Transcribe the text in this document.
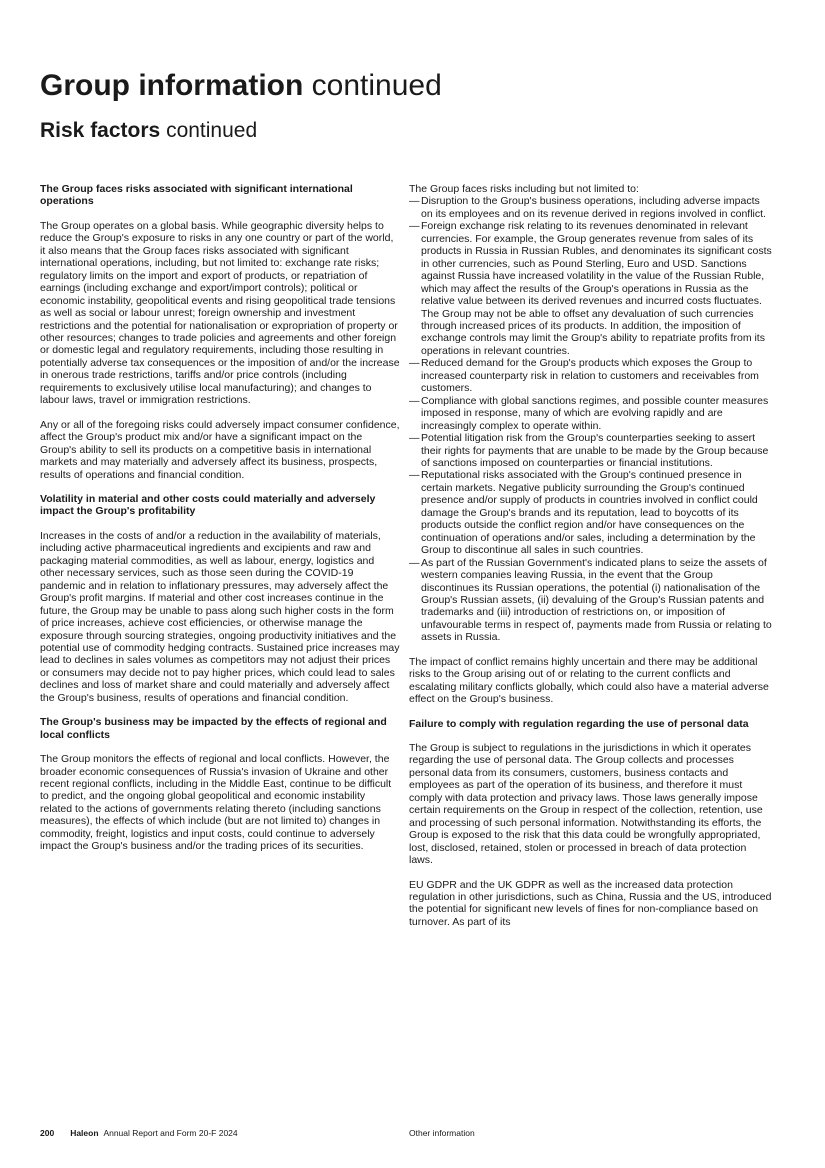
Group information continued
Risk factors continued
The Group faces risks associated with significant international operations

The Group operates on a global basis. While geographic diversity helps to reduce the Group's exposure to risks in any one country or part of the world, it also means that the Group faces risks associated with significant international operations, including, but not limited to: exchange rate risks; regulatory limits on the import and export of products, or repatriation of earnings (including exchange and export/import controls); political or economic instability, geopolitical events and rising geopolitical trade tensions as well as social or labour unrest; foreign ownership and investment restrictions and the potential for nationalisation or expropriation of property or other resources; changes to trade policies and agreements and other foreign or domestic legal and regulatory requirements, including those resulting in potentially adverse tax consequences or the imposition of and/or the increase in onerous trade restrictions, tariffs and/or price controls (including requirements to exclusively utilise local manufacturing); and changes to labour laws, travel or immigration restrictions.

Any or all of the foregoing risks could adversely impact consumer confidence, affect the Group's product mix and/or have a significant impact on the Group's ability to sell its products on a competitive basis in international markets and may materially and adversely affect its business, prospects, results of operations and financial condition.

Volatility in material and other costs could materially and adversely impact the Group's profitability

Increases in the costs of and/or a reduction in the availability of materials, including active pharmaceutical ingredients and excipients and raw and packaging material commodities, as well as labour, energy, logistics and other necessary services, such as those seen during the COVID-19 pandemic and in relation to inflationary pressures, may adversely affect the Group's profit margins. If material and other cost increases continue in the future, the Group may be unable to pass along such higher costs in the form of price increases, achieve cost efficiencies, or otherwise manage the exposure through sourcing strategies, ongoing productivity initiatives and the potential use of commodity hedging contracts. Sustained price increases may lead to declines in sales volumes as competitors may not adjust their prices or consumers may decide not to pay higher prices, which could lead to sales declines and loss of market share and could materially and adversely affect the Group's business, results of operations and financial condition.

The Group's business may be impacted by the effects of regional and local conflicts

The Group monitors the effects of regional and local conflicts. However, the broader economic consequences of Russia's invasion of Ukraine and other recent regional conflicts, including in the Middle East, continue to be difficult to predict, and the ongoing global geopolitical and economic instability related to the actions of governments relating thereto (including sanctions measures), the effects of which include (but are not limited to) changes in commodity, freight, logistics and input costs, could continue to adversely impact the Group's business and/or the trading prices of its securities.

The Group faces risks including but not limited to:

— Disruption to the Group's business operations, including adverse impacts on its employees and on its revenue derived in regions involved in conflict.
— Foreign exchange risk relating to its revenues denominated in relevant currencies. For example, the Group generates revenue from sales of its products in Russia in Russian Rubles, and denominates its significant costs in other currencies, such as Pound Sterling, Euro and USD. Sanctions against Russia have increased volatility in the value of the Russian Ruble, which may affect the results of the Group's operations in Russia as the relative value between its derived revenues and incurred costs fluctuates. The Group may not be able to offset any devaluation of such currencies through increased prices of its products. In addition, the imposition of exchange controls may limit the Group's ability to repatriate profits from its operations in relevant countries.
— Reduced demand for the Group's products which exposes the Group to increased counterparty risk in relation to customers and receivables from customers.
— Compliance with global sanctions regimes, and possible counter measures imposed in response, many of which are evolving rapidly and are increasingly complex to operate within.
— Potential litigation risk from the Group's counterparties seeking to assert their rights for payments that are unable to be made by the Group because of sanctions imposed on counterparties or financial institutions.
— Reputational risks associated with the Group's continued presence in certain markets. Negative publicity surrounding the Group's continued presence and/or supply of products in countries involved in conflict could damage the Group's brands and its reputation, lead to boycotts of its products outside the conflict region and/or have consequences on the continuation of operations and/or sales, including a determination by the Group to discontinue all sales in such countries.
— As part of the Russian Government's indicated plans to seize the assets of western companies leaving Russia, in the event that the Group discontinues its Russian operations, the potential (i) nationalisation of the Group's Russian assets, (ii) devaluing of the Group's Russian patents and trademarks and (iii) introduction of restrictions on, or imposition of unfavourable terms in respect of, payments made from Russia or relating to assets in Russia.

The impact of conflict remains highly uncertain and there may be additional risks to the Group arising out of or relating to the current conflicts and escalating military conflicts globally, which could also have a material adverse effect on the Group's business.

Failure to comply with regulation regarding the use of personal data

The Group is subject to regulations in the jurisdictions in which it operates regarding the use of personal data. The Group collects and processes personal data from its consumers, customers, business contacts and employees as part of the operation of its business, and therefore it must comply with data protection and privacy laws. Those laws generally impose certain requirements on the Group in respect of the collection, retention, use and processing of such personal information. Notwithstanding its efforts, the Group is exposed to the risk that this data could be wrongfully appropriated, lost, disclosed, retained, stolen or processed in breach of data protection laws.

EU GDPR and the UK GDPR as well as the increased data protection regulation in other jurisdictions, such as China, Russia and the US, introduced the potential for significant new levels of fines for non-compliance based on turnover. As part of its

200 Haleon Annual Report and Form 20-F 2024	Other information
